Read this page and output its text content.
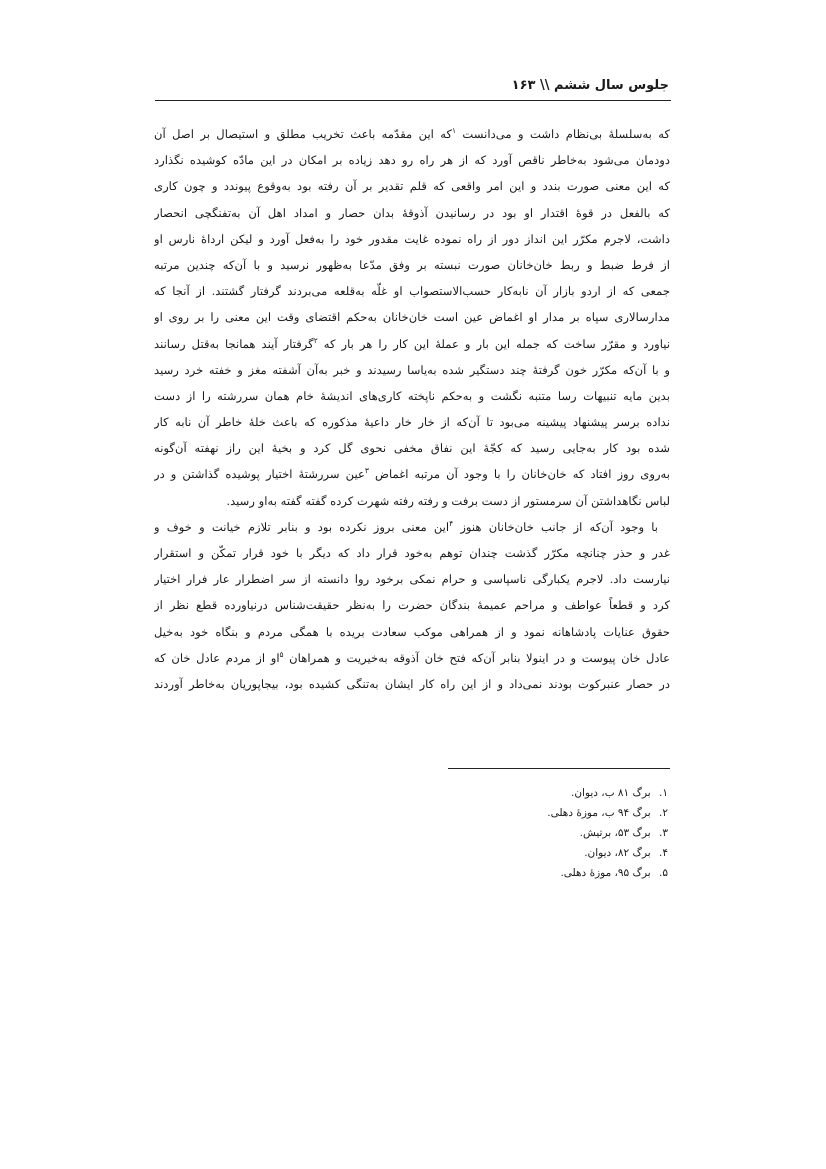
جلوس سال ششم \\ ۱۶۳

که به‌سلسلهٔ بی‌نظام داشت و می‌دانست $^۱$که این مقدّمه باعث تخریب مطلق و استیصال بر اصل آن
دودمان می‌شود به‌خاطر ناقص آورد که از هر راه رو دهد زیاده بر امکان در این مادّه کوشیده نگذارد
که این معنی صورت بندد و این امر واقعی که قلم تقدیر بر آن رفته بود به‌وقوع پیوندد و چون کاری
که بالفعل در قوهٔ اقتدار او بود در رسانیدن آذوقهٔ بدان حصار و امداد اهل آن به‌تفنگچی انحصار
داشت، لاجرم مکرّر این انداز دور از راه نموده غایت مقدور خود را به‌فعل آورد و لیکن ارداهٔ نارس او
از فرط ضبط و ربط خان‌خانان صورت نبسته بر وفق مدّعا به‌ظهور نرسید و با آن‌که چندین مرتبه
جمعی که از اردو بازار آن نابه‌کار حسب‌الاستصواب او غلّه به‌قلعه می‌بردند گرفتار گشتند. از آنجا که
مدارسالاری سپاه بر مدار او اغماض عین است خان‌خانان به‌حکم اقتضای وقت این معنی را بر روی او
نیاورد و مقرّر ساخت که جمله این بار و عملهٔ این کار را هر بار که $^۲$گرفتار آیند همانجا به‌قتل رسانند
و با آن‌که مکرّر خون گرفتهٔ چند دستگیر شده به‌یاسا رسیدند و خبر به‌آن آشفته مغز و خفته خرد رسید
بدین مایه تنبیهات رسا متنبه نگشت و به‌حکم ناپخته کاری‌های اندیشهٔ خام همان سررشته را از دست
نداده برسر پیشنهاد پیشینه می‌بود تا آن‌که از خار خار داعیهٔ مذکوره که باعث خلهٔ خاطر آن نابه کار
شده بود کار به‌جایی رسید که کجّهٔ این نفاق مخفی نحوی گل کرد و بخیهٔ این راز نهفته آن‌گونه
به‌روی روز افتاد که خان‌خانان را با وجود آن مرتبه اغماض $^۳$عین سررشتهٔ اختیار پوشیده گذاشتن و در
لباس نگاهداشتن آن سرمستور از دست برفت و رفته رفته شهرت کرده گفته گفته به‌او رسید.

با وجود آن‌که از جانب خان‌خانان هنوز $^۴$این معنی بروز نکرده بود و بنابر تلازم خیانت و خوف و
غدر و حذر چنانچه مکرّر گذشت چندان توهم به‌خود قرار داد که دیگر با خود قرار تمکّن و استقرار
نیارست داد. لاجرم یکبارگی ناسپاسی و حرام نمکی برخود روا دانسته از سر اضطرار عار فرار اختیار
کرد و قطعاً عواطف و مراحم عمیمهٔ بندگان حضرت را به‌نظر حقیقت‌شناس درنیاورده قطع نظر از
حقوق عنایات پادشاهانه نمود و از همراهی موکب سعادت بریده با همگی مردم و بنگاه خود به‌خیل
عادل خان پیوست و در اینولا بنابر آن‌که فتح خان آذوقه به‌خیریت و همراهان $^۵$او از مردم عادل خان که
در حصار عنبرکوت بودند نمی‌داد و از این راه کار ایشان به‌تنگی کشیده بود، بیجاپوریان به‌خاطر آوردند

۱. برگ ۸۱ ب، دیوان.
۲. برگ ۹۴ ب، موزهٔ دهلی.
۳. برگ ۵۳، برتیش.
۴. برگ ۸۲، دیوان.
۵. برگ ۹۵، موزهٔ دهلی.
